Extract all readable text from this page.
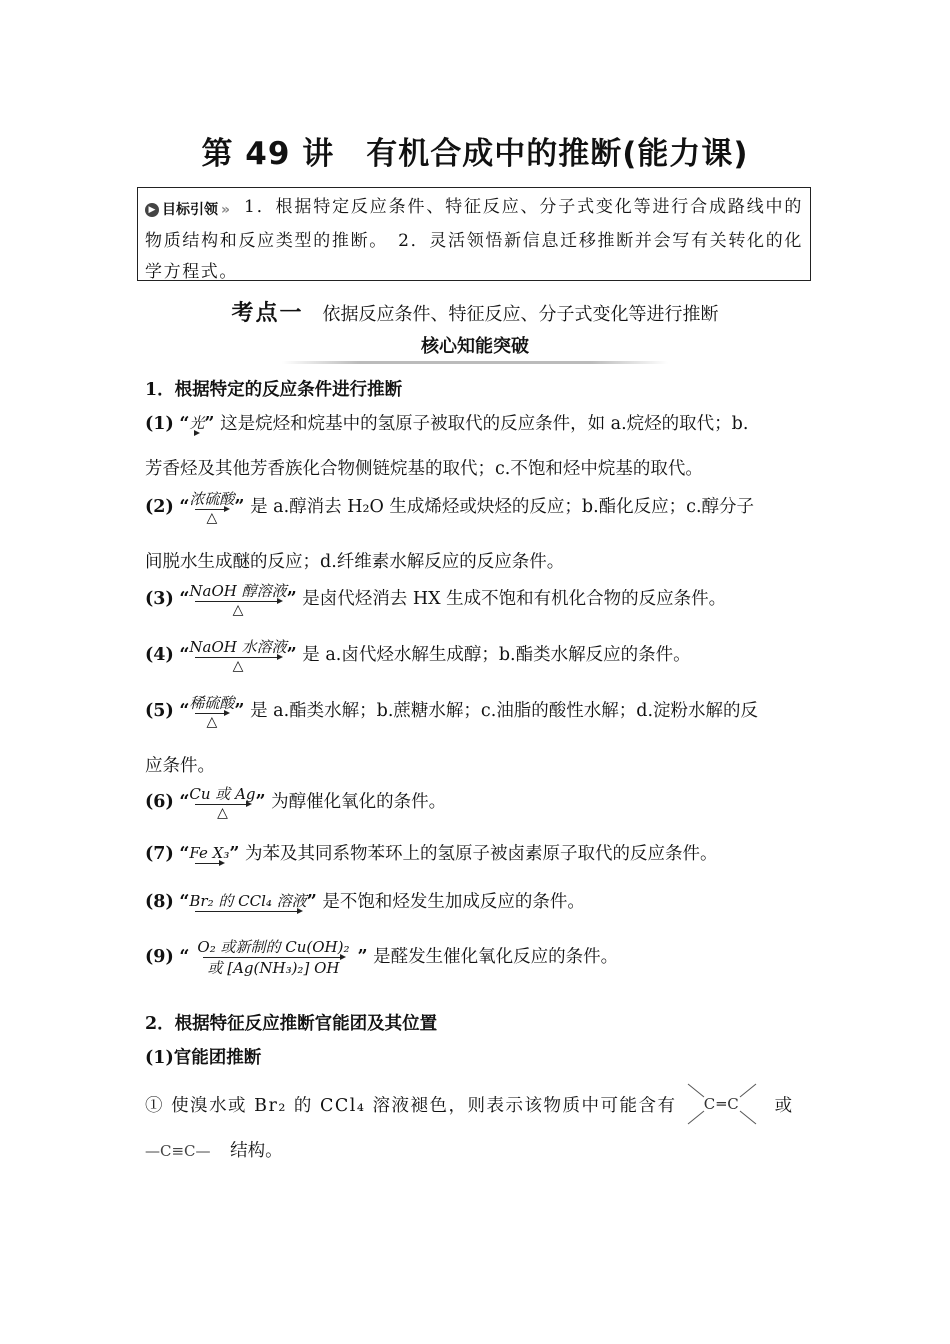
第 49 讲　有机合成中的推断(能力课)
▶ 目标引领 » 1．根据特定反应条件、特征反应、分子式变化等进行合成路线中的物质结构和反应类型的推断。　2．灵活领悟新信息迁移推断并会写有关转化的化学方程式。
考点一 依据反应条件、特征反应、分子式变化等进行推断
核心知能突破
1．根据特定的反应条件进行推断
(1) “ 光 ” 这是烷烃和烷基中的氢原子被取代的反应条件，如 a.烷烃的取代；b.
芳香烃及其他芳香族化合物侧链烷基的取代；c.不饱和烃中烷基的取代。
(2) “ 浓硫酸
△
” 是 a.醇消去 H₂O 生成烯烃或炔烃的反应；b.酯化反应；c.醇分子
间脱水生成醚的反应；d.纤维素水解反应的反应条件。
(3) “ NaOH 醇溶液
△
” 是卤代烃消去 HX 生成不饱和有机化合物的反应条件。
(4) “ NaOH 水溶液
△
” 是 a.卤代烃水解生成醇；b.酯类水解反应的条件。
(5) “ 稀硫酸
△
” 是 a.酯类水解；b.蔗糖水解；c.油脂的酸性水解；d.淀粉水解的反
应条件。
(6) “ Cu 或 Ag
△
” 为醇催化氧化的条件。
(7) “ Fe X₃ ” 为苯及其同系物苯环上的氢原子被卤素原子取代的反应条件。
(8) “ Br₂ 的 CCl₄ 溶液 ” 是不饱和烃发生加成反应的条件。
(9) “ O₂ 或新制的 Cu(OH)₂
或 [Ag(NH₃)₂] OH
” 是醛发生催化氧化反应的条件。
2．根据特征反应推断官能团及其位置
(1)官能团推断
① 使溴水或 Br₂ 的 CCl₄ 溶液褪色，则表示该物质中可能含有 C═C 或
—C≡C— 结构。
